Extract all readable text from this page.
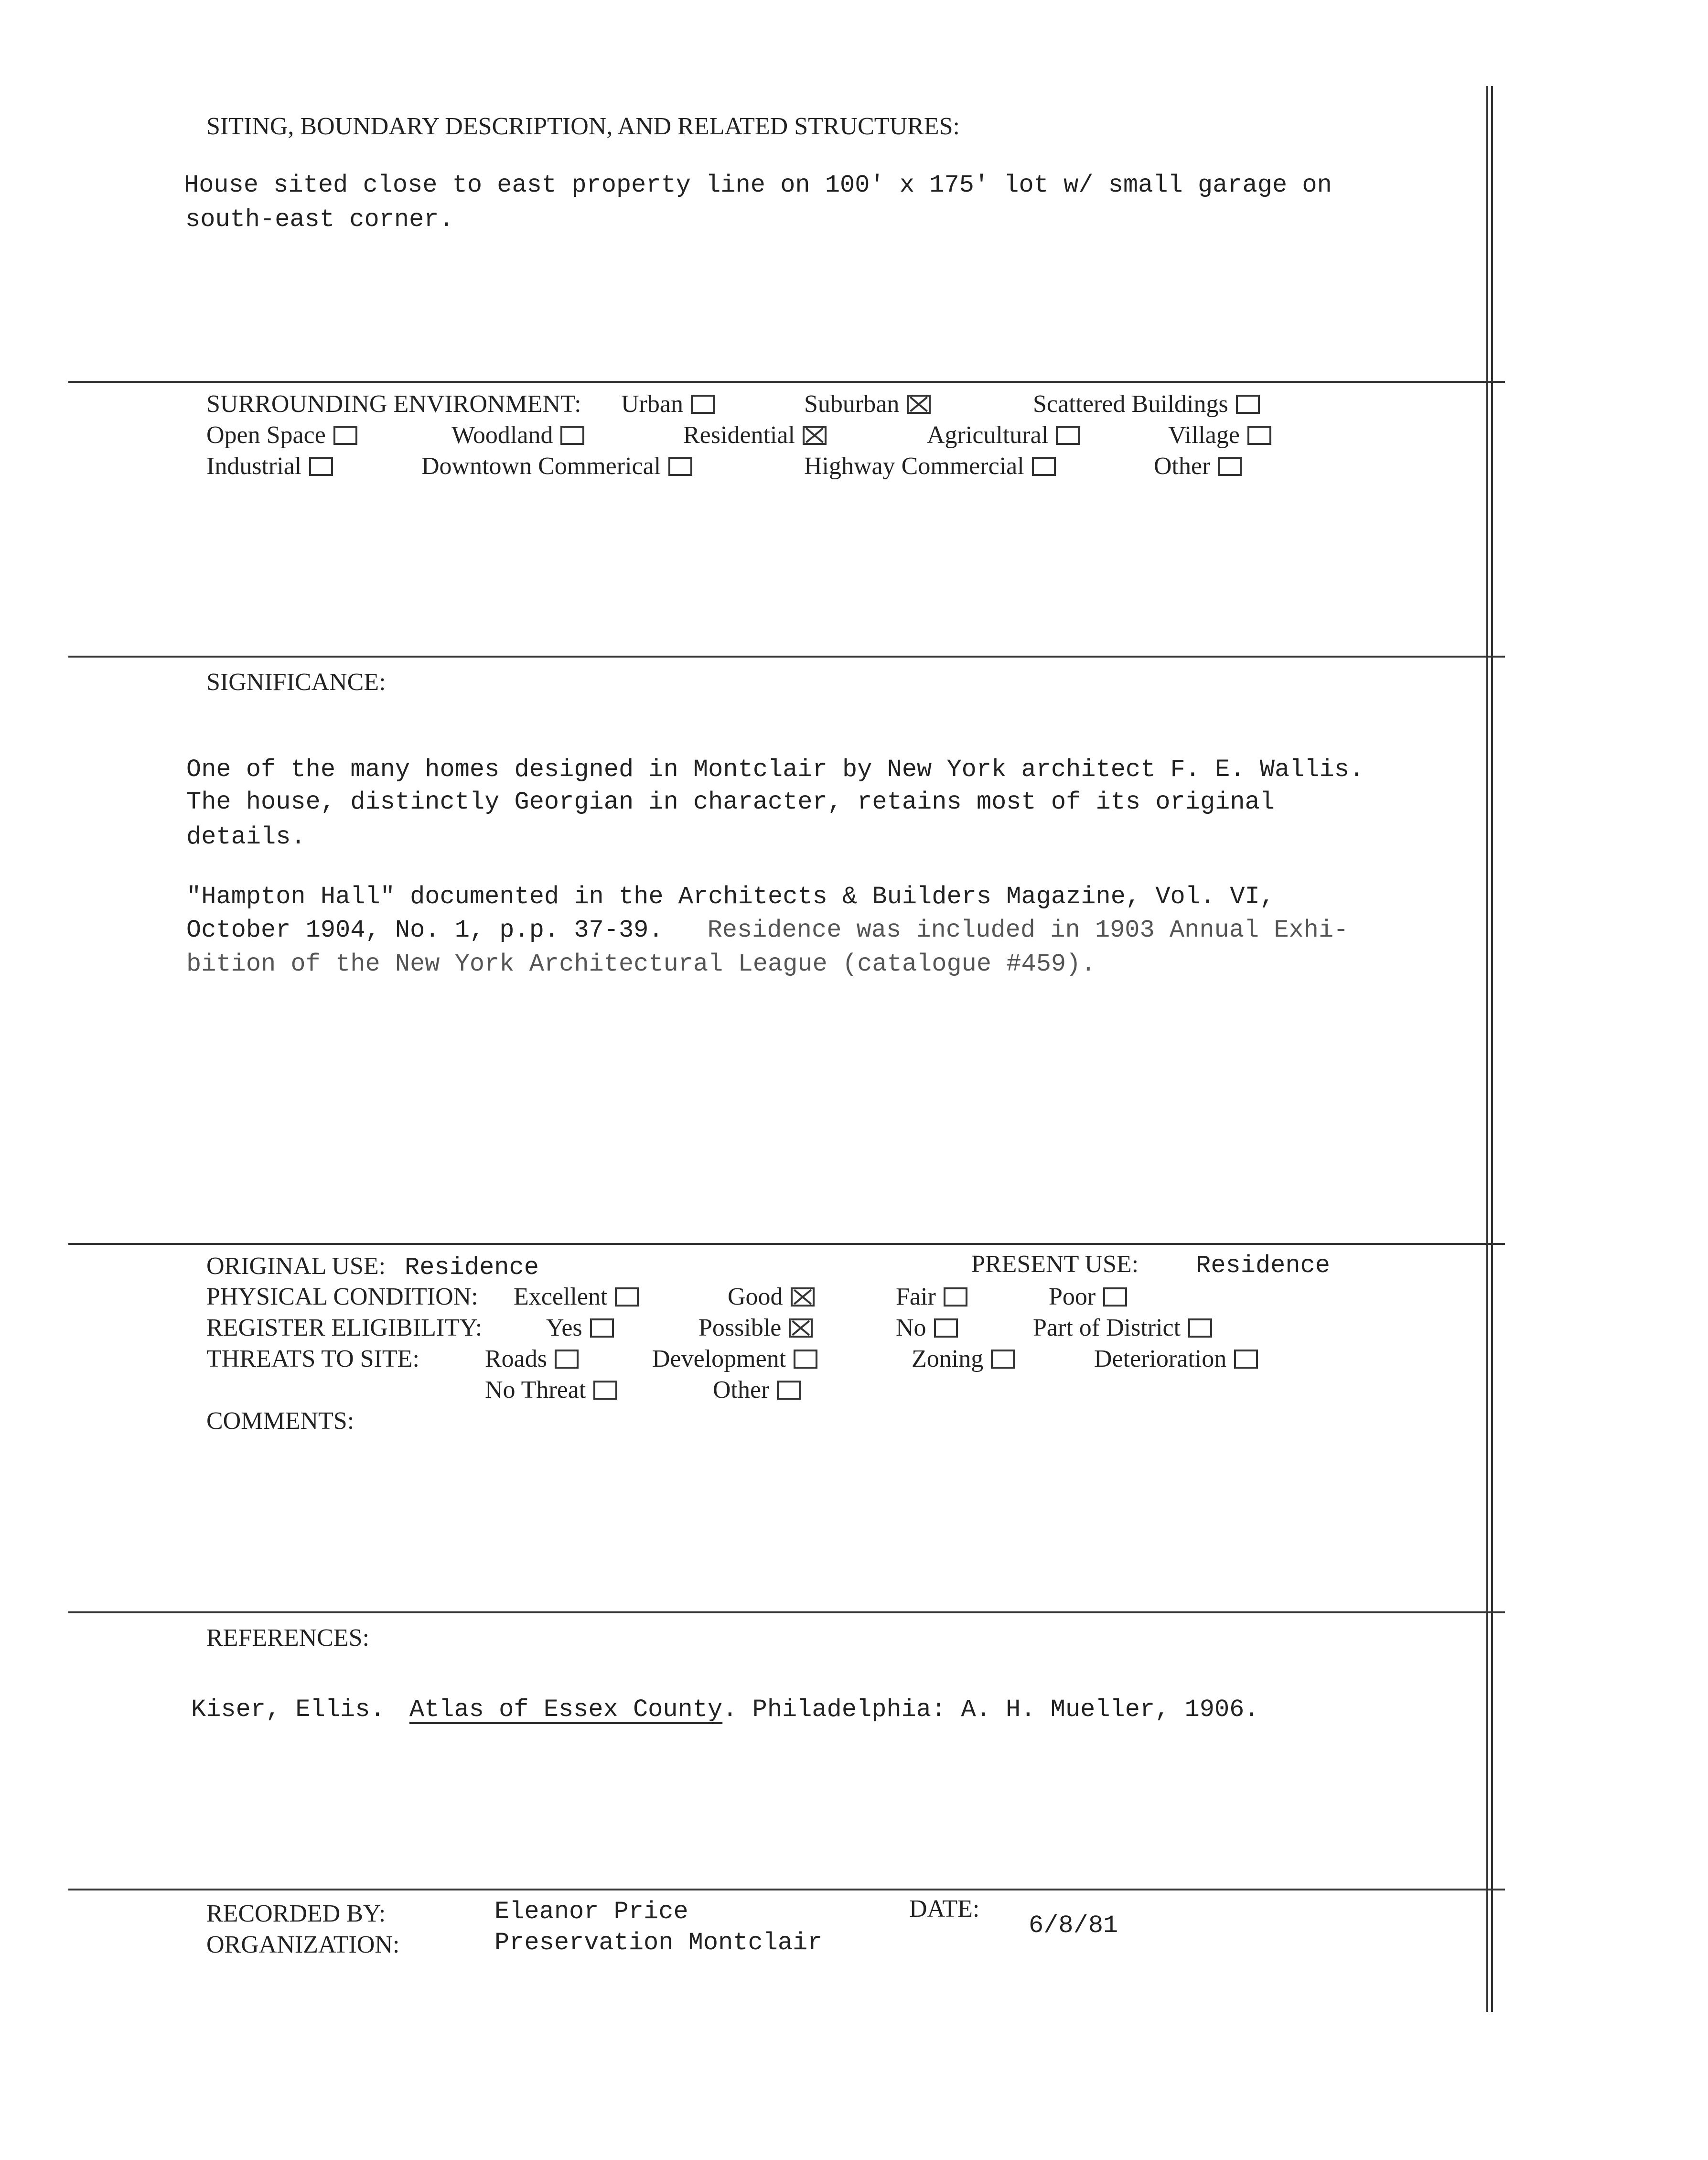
SITING, BOUNDARY DESCRIPTION, AND RELATED STRUCTURES:
House sited close to east property line on 100' x 175' lot w/ small garage on
south-east corner.
SURROUNDING ENVIRONMENT: Urban	Suburban	Scattered Buildings
Open Space	Woodland	Residential	Agricultural	Village
Industrial	Downtown Commerical	Highway Commercial	Other
SIGNIFICANCE:
One of the many homes designed in Montclair by New York architect F. E. Wallis.
The house, distinctly Georgian in character, retains most of its original
details.
"Hampton Hall" documented in the Architects & Builders Magazine, Vol. VI,
October 1904, No. 1, p.p. 37-39. Residence was included in 1903 Annual Exhi-
bition of the New York Architectural League (catalogue #459).
ORIGINAL USE: Residence	PRESENT USE: Residence
PHYSICAL CONDITION: Excellent	Good	Fair	Poor
REGISTER ELIGIBILITY:	Yes	Possible	No	Part of District
THREATS TO SITE:	Roads	Development	Zoning	Deterioration
No Threat	Other
COMMENTS:
REFERENCES:
Kiser, Ellis. Atlas of Essex County. Philadelphia: A. H. Mueller, 1906.
RECORDED BY:	Eleanor Price
ORGANIZATION:	Preservation Montclair
DATE:
6/8/81
